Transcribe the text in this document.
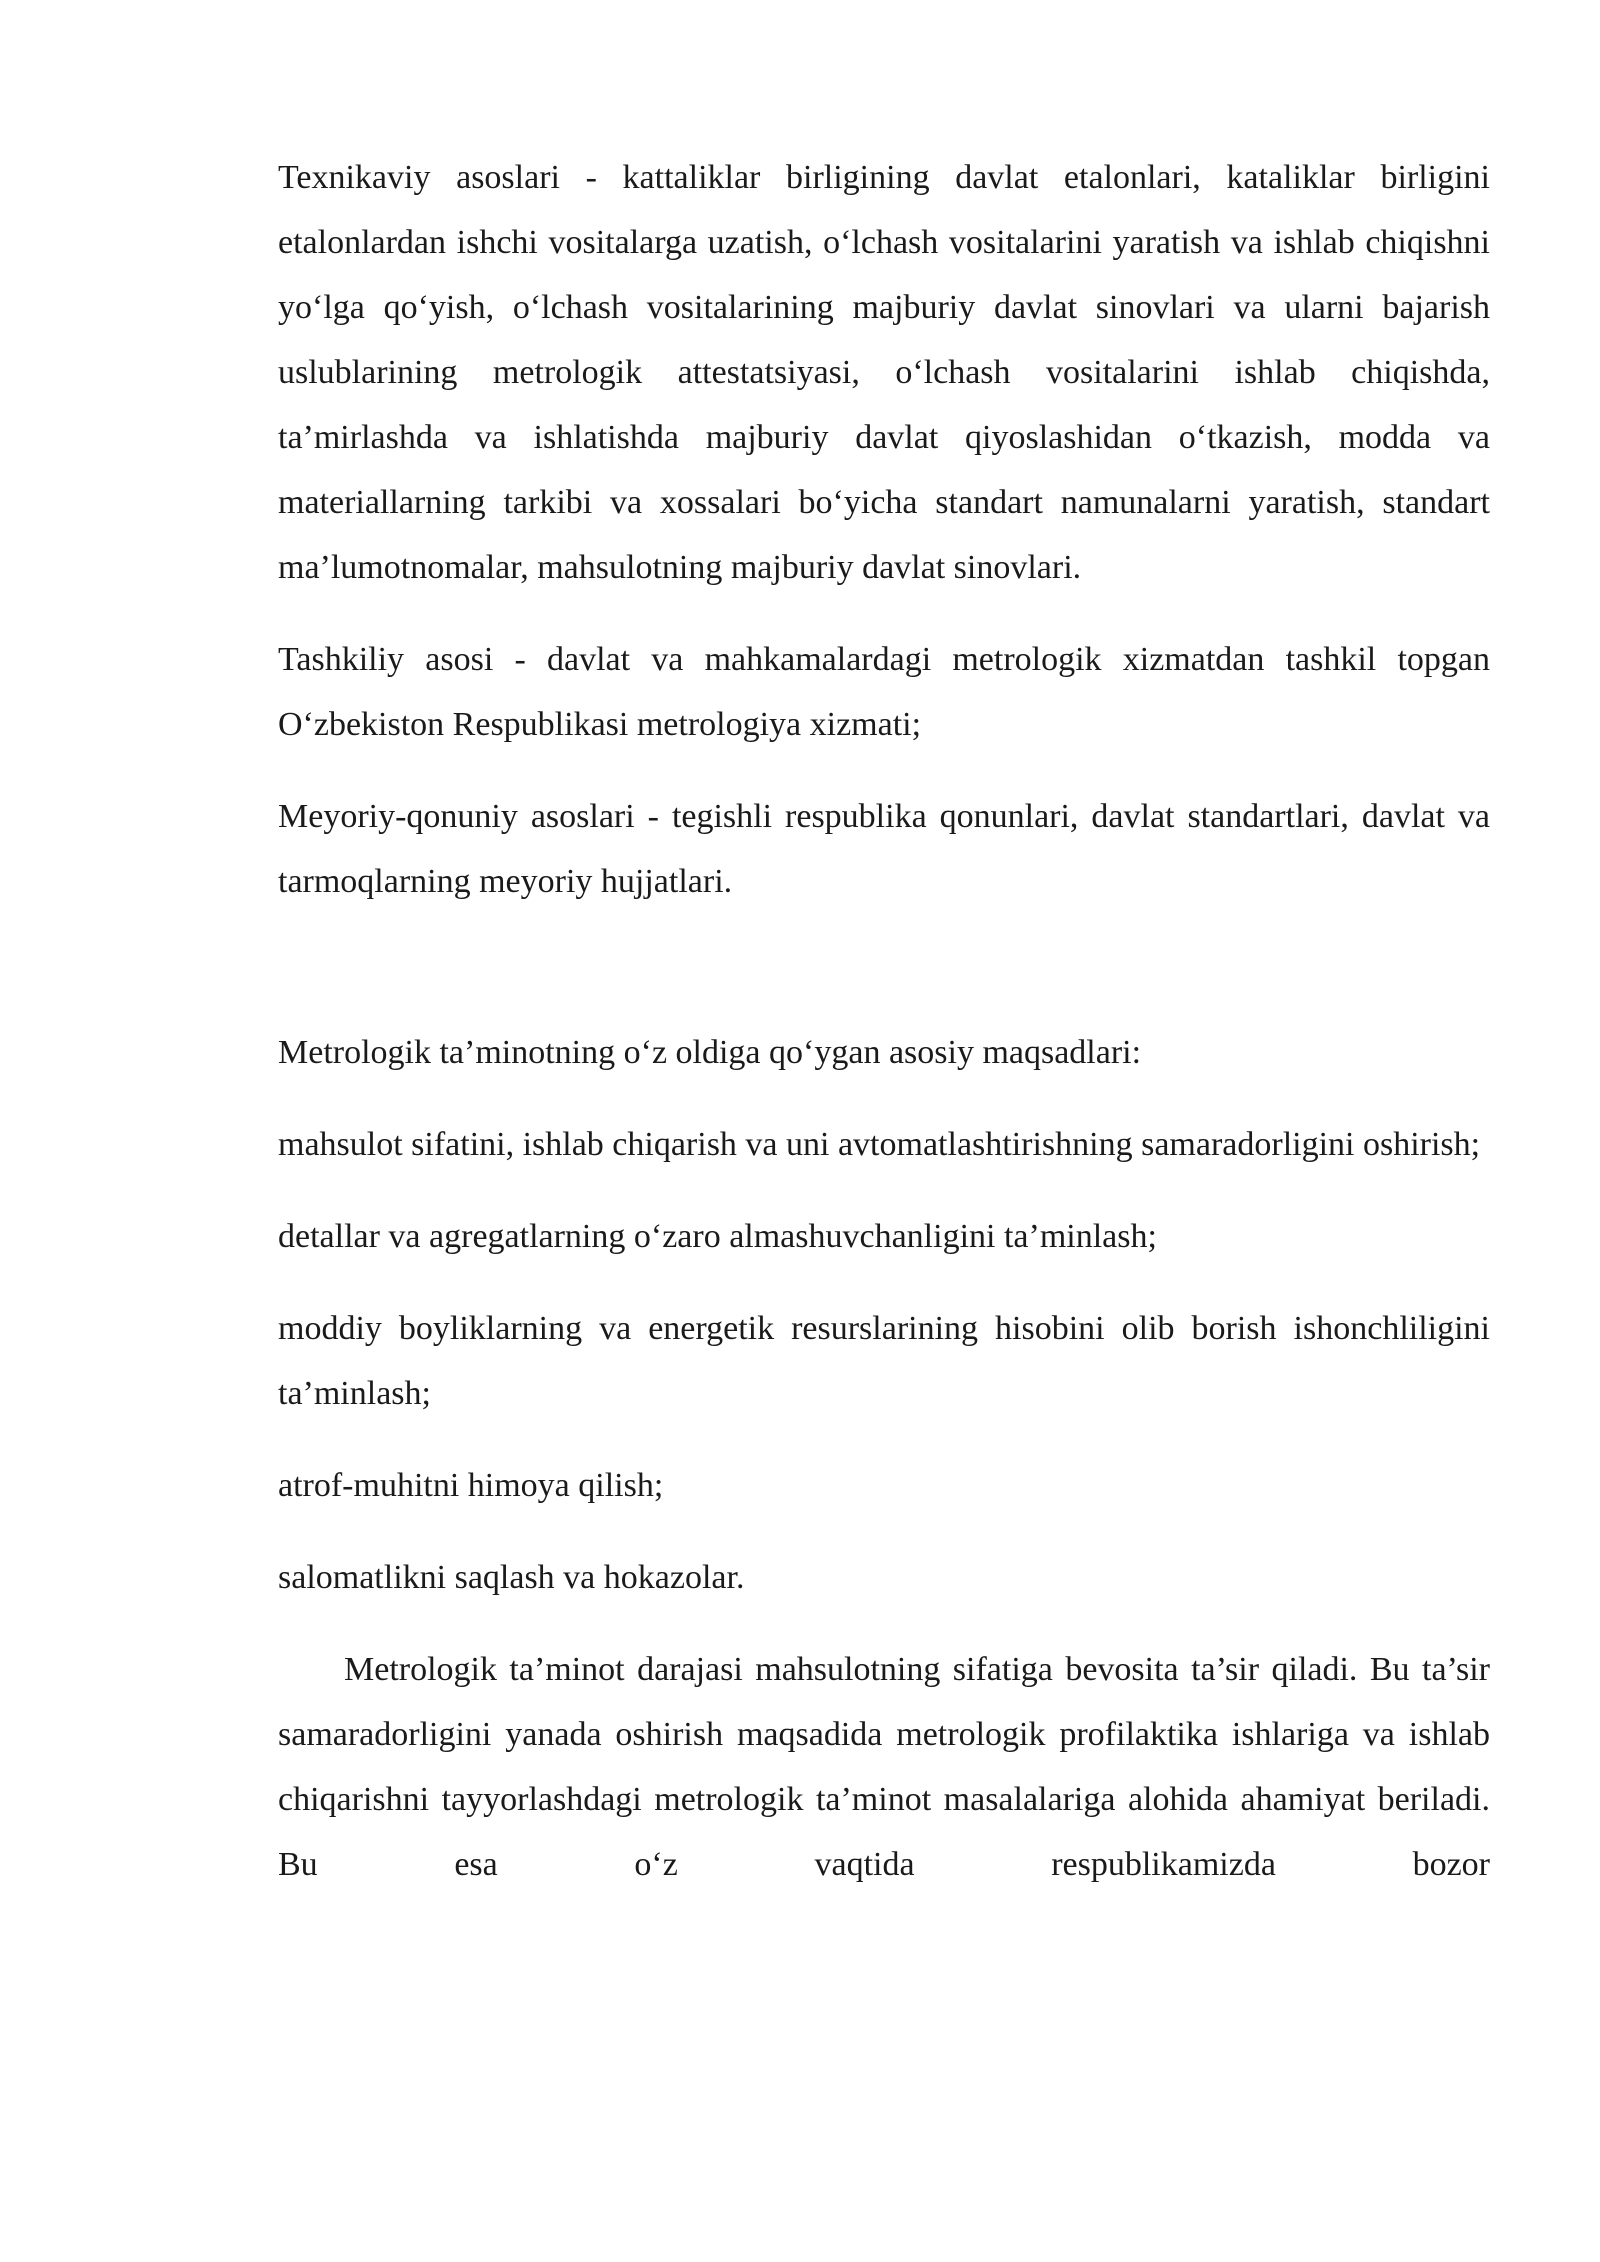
Texnikaviy asoslari - kattaliklar birligining davlat etalonlari, kataliklar birligini etalonlardan ishchi vositalarga uzatish, o‘lchash vositalarini yaratish va ishlab chiqishni yo‘lga qo‘yish, o‘lchash vositalarining majburiy davlat sinovlari va ularni bajarish uslublarining metrologik attestatsiyasi, o‘lchash vositalarini ishlab chiqishda, ta’mirlashda va ishlatishda majburiy davlat qiyoslashidan o‘tkazish, modda va materiallarning tarkibi va xossalari bo‘yicha standart namunalarni yaratish, standart ma’lumotnomalar, mahsulotning majburiy davlat sinovlari.

Tashkiliy asosi - davlat va mahkamalardagi metrologik xizmatdan tashkil topgan O‘zbekiston Respublikasi metrologiya xizmati;

Meyoriy-qonuniy asoslari - tegishli respublika qonunlari, davlat standartlari, davlat va tarmoqlarning meyoriy hujjatlari.

Metrologik ta’minotning o‘z oldiga qo‘ygan asosiy maqsadlari:

mahsulot sifatini, ishlab chiqarish va uni avtomatlashtirishning samaradorligini oshirish;

detallar va agregatlarning o‘zaro almashuvchanligini ta’minlash;

moddiy boyliklarning va energetik resurslarining hisobini olib borish ishonchliligini ta’minlash;

atrof-muhitni himoya qilish;

salomatlikni saqlash va hokazolar.

Metrologik ta’minot darajasi mahsulotning sifatiga bevosita ta’sir qiladi. Bu ta’sir samaradorligini yanada oshirish maqsadida metrologik profilaktika ishlariga va ishlab chiqarishni tayyorlashdagi metrologik ta’minot masalalariga alohida ahamiyat beriladi. Bu esa o‘z vaqtida respublikamizda bozor
